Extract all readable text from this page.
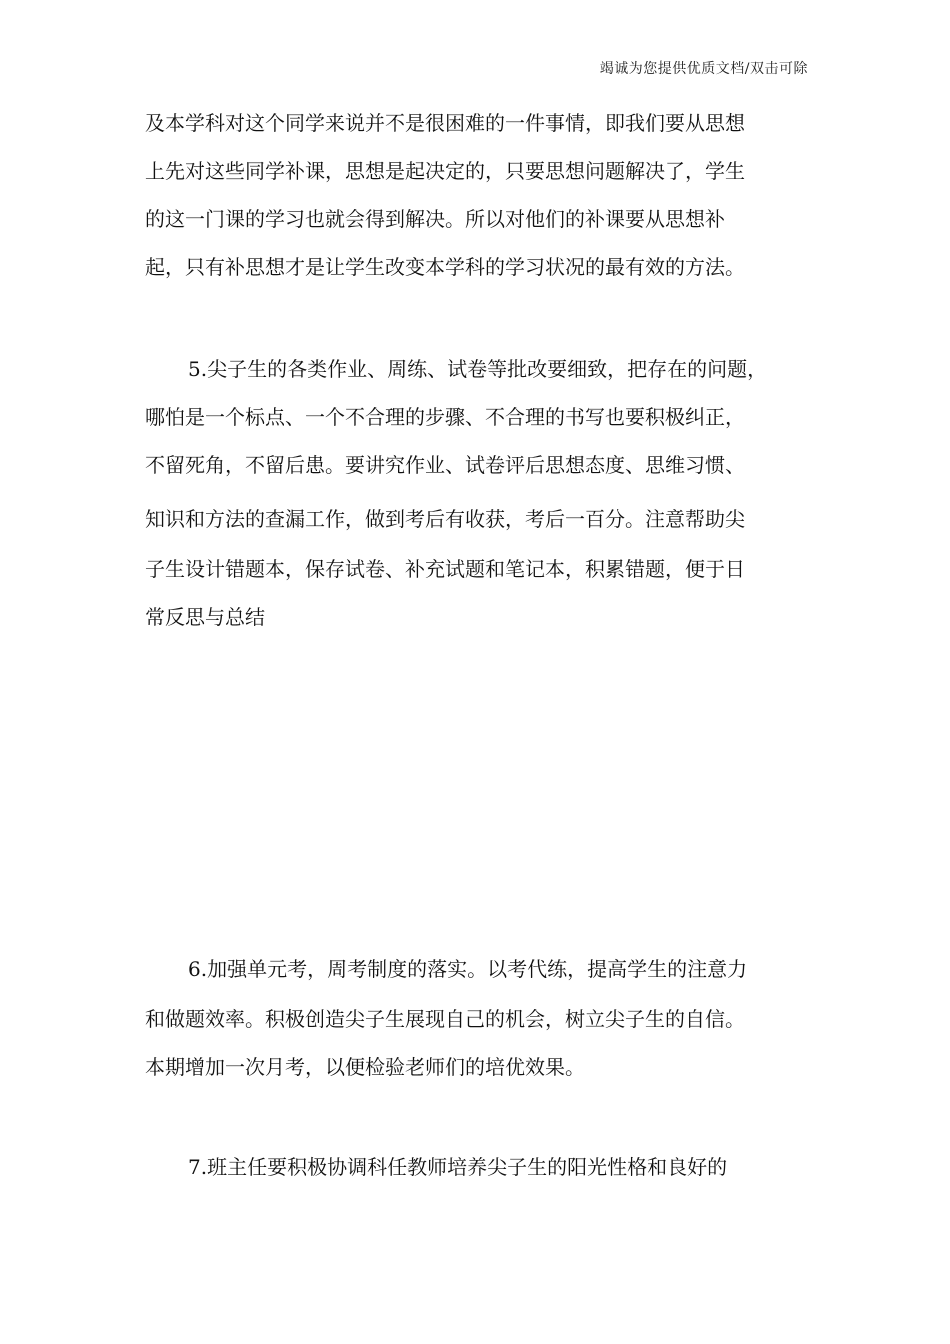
竭诚为您提供优质文档/双击可除
及本学科对这个同学来说并不是很困难的一件事情，即我们要从思想
上先对这些同学补课，思想是起决定的，只要思想问题解决了，学生
的这一门课的学习也就会得到解决。所以对他们的补课要从思想补
起，只有补思想才是让学生改变本学科的学习状况的最有效的方法。
5.尖子生的各类作业、周练、试卷等批改要细致，把存在的问题，
哪怕是一个标点、一个不合理的步骤、不合理的书写也要积极纠正，
不留死角，不留后患。要讲究作业、试卷评后思想态度、思维习惯、
知识和方法的查漏工作，做到考后有收获，考后一百分。注意帮助尖
子生设计错题本，保存试卷、补充试题和笔记本，积累错题，便于日
常反思与总结
6.加强单元考，周考制度的落实。以考代练，提高学生的注意力
和做题效率。积极创造尖子生展现自己的机会，树立尖子生的自信。
本期增加一次月考，以便检验老师们的培优效果。
7.班主任要积极协调科任教师培养尖子生的阳光性格和良好的
